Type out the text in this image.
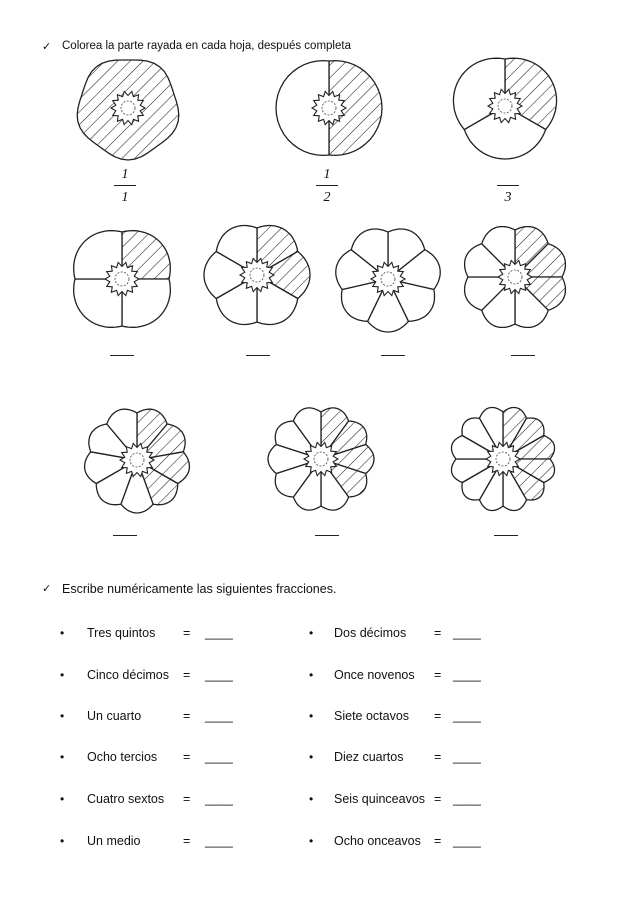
✓ Colorea la parte rayada en cada hoja, después completa
1
1
1
2	3
✓ Escribe numéricamente las siguientes fracciones.
• Tres quintos = ____
• Cinco décimos = ____
• Un cuarto	= ____
• Ocho tercios = ____
• Cuatro sextos = ____
• Un medio	= ____
• Dos décimos = ____
• Once novenos = ____
• Siete octavos = ____
• Diez cuartos = ____
• Seis quinceavos = ____
• Ocho onceavos = ____
